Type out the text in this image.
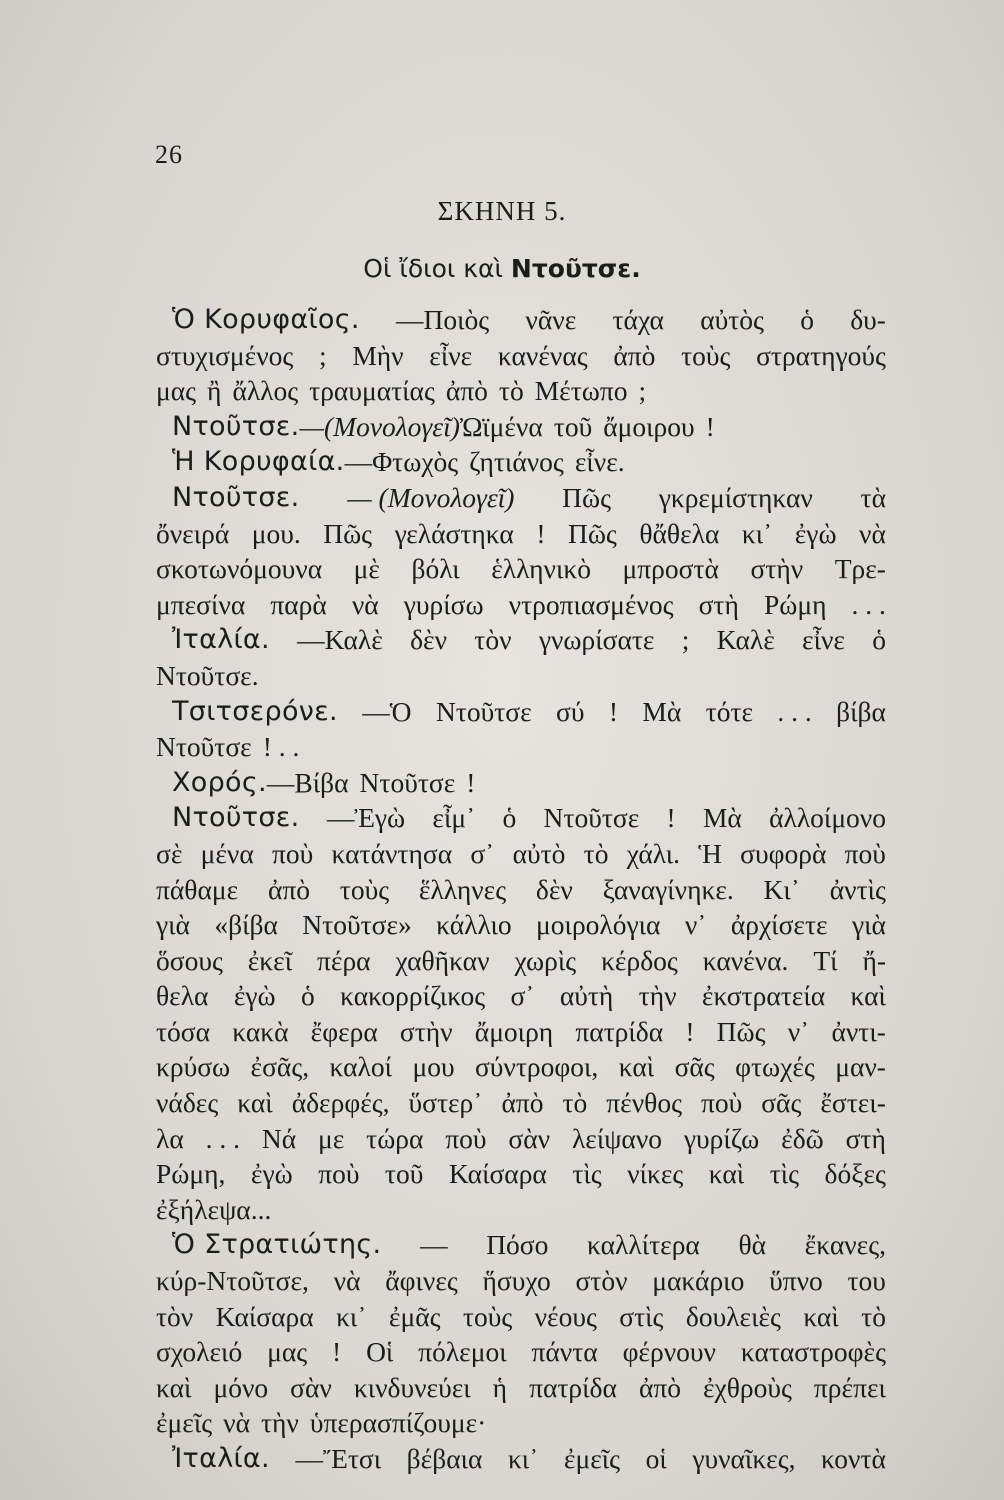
26
ΣΚΗΝΗ 5.
Οἱ ἴδιοι καὶ Ντοῦτσε.
Ὁ Κορυφαῖος. —Ποιὸς νᾶνε τάχα αὐτὸς ὁ δυ-
στυχισμένος ; Μὴν εἶνε κανένας ἀπὸ τοὺς στρατηγούς
μας ἢ ἄλλος τραυματίας ἀπὸ τὸ Μέτωπο ;
Ντοῦτσε. —(Μονολογεῖ) Ὠϊμένα τοῦ ἄμοιρου !
Ἡ Κορυφαία. —Φτωχὸς ζητιάνος εἶνε.
Ντοῦτσε. — (Μονολογεῖ) Πῶς γκρεμίστηκαν τὰ
ὄνειρά μου. Πῶς γελάστηκα ! Πῶς θἄθελα κι᾽ ἐγὼ νὰ
σκοτωνόμουνα μὲ βόλι ἑλληνικὸ μπροστὰ στὴν Τρε-
μπεσίνα παρὰ νὰ γυρίσω ντροπιασμένος στὴ Ρώμη . . .
Ἰταλία. —Καλὲ δὲν τὸν γνωρίσατε ; Καλὲ εἶνε ὁ
Ντοῦτσε.
Τσιτσερόνε. —Ὁ Ντοῦτσε σύ ! Μὰ τότε . . . βίβα
Ντοῦτσε ! . .
Χορός. —Βίβα Ντοῦτσε !
Ντοῦτσε. —Ἐγὼ εἶμ᾽ ὁ Ντοῦτσε ! Μὰ ἀλλοίμονο
σὲ μένα ποὺ κατάντησα σ᾽ αὐτὸ τὸ χάλι. Ἡ συφορὰ ποὺ
πάθαμε ἀπὸ τοὺς ἕλληνες δὲν ξαναγίνηκε. Κι᾽ ἀντὶς
γιὰ «βίβα Ντοῦτσε» κάλλιο μοιρολόγια ν᾽ ἀρχίσετε γιὰ
ὅσους ἐκεῖ πέρα χαθῆκαν χωρὶς κέρδος κανένα. Τί ἤ-
θελα ἐγὼ ὁ κακορρίζικος σ᾽ αὐτὴ τὴν ἐκστρατεία καὶ
τόσα κακὰ ἔφερα στὴν ἄμοιρη πατρίδα ! Πῶς ν᾽ ἀντι-
κρύσω ἐσᾶς, καλοί μου σύντροφοι, καὶ σᾶς φτωχές μαν-
νάδες καὶ ἀδερφές, ὕστερ᾽ ἀπὸ τὸ πένθος ποὺ σᾶς ἔστει-
λα . . . Νά με τώρα ποὺ σὰν λείψανο γυρίζω ἐδῶ στὴ
Ρώμη, ἐγὼ ποὺ τοῦ Καίσαρα τὶς νίκες καὶ τὶς δόξες
ἐξήλεψα...
Ὁ Στρατιώτης. — Πόσο καλλίτερα θὰ ἔκανες,
κύρ-Ντοῦτσε, νὰ ἄφινες ἥσυχο στὸν μακάριο ὕπνο του
τὸν Καίσαρα κι᾽ ἐμᾶς τοὺς νέους στὶς δουλειὲς καὶ τὸ
σχολειό μας ! Οἱ πόλεμοι πάντα φέρνουν καταστροφὲς
καὶ μόνο σὰν κινδυνεύει ἡ πατρίδα ἀπὸ ἐχθροὺς πρέπει
ἐμεῖς νὰ τὴν ὑπερασπίζουμε·
Ἰταλία. —Ἔτσι βέβαια κι᾽ ἐμεῖς οἱ γυναῖκες, κοντὰ
